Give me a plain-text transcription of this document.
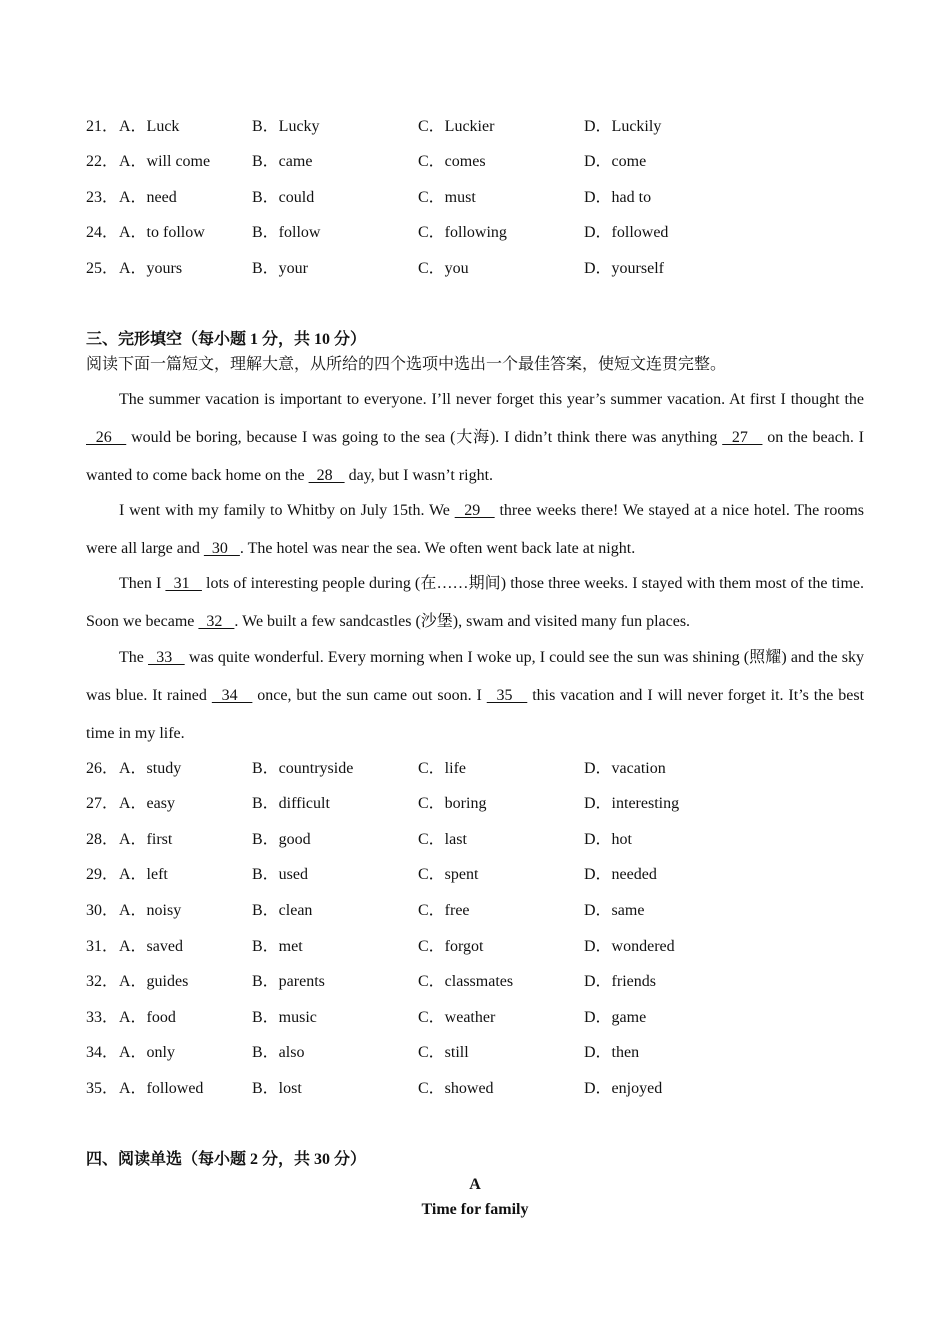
21． A．Luck	B．Lucky	C．Luckier	D．Luckily
22． A．will come	B．came	C．comes	D．come
23． A．need	B．could	C．must	D．had to
24． A．to follow	B．follow	C．following	D．followed
25． A．yours	B．your	C．you	D．yourself
三、完形填空（每小题 1 分，共 10 分）
阅读下面一篇短文，理解大意，从所给的四个选项中选出一个最佳答案，使短文连贯完整。

The summer vacation is important to everyone. I’ll never forget this year’s summer vacation. At first I thought the   26    would be boring, because I was going to the sea (大海). I didn’t think there was anything   27    on the beach. I wanted to come back home on the   28    day, but I wasn’t right.

I went with my family to Whitby on July 15th. We   29    three weeks there! We stayed at a nice hotel. The rooms were all large and   30   . The hotel was near the sea. We often went back late at night.

Then I   31    lots of interesting people during (在……期间) those three weeks. I stayed with them most of the time. Soon we became   32   . We built a few sandcastles (沙堡), swam and visited many fun places.

The   33    was quite wonderful. Every morning when I woke up, I could see the sun was shining (照耀) and the sky was blue. It rained   34    once, but the sun came out soon. I   35    this vacation and I will never forget it. It’s the best time in my life.

26． A．study	B．countryside	C．life	D．vacation
27． A．easy	B．difficult	C．boring	D．interesting
28． A．first	B．good	C．last	D．hot
29． A．left	B．used	C．spent	D．needed
30． A．noisy	B．clean	C．free	D．same
31． A．saved	B．met	C．forgot	D．wondered
32． A．guides	B．parents	C．classmates	D．friends
33． A．food	B．music	C．weather	D．game
34． A．only	B．also	C．still	D．then
35． A．followed	B．lost	C．showed	D．enjoyed
四、阅读单选（每小题 2 分，共 30 分）
A
Time for family
